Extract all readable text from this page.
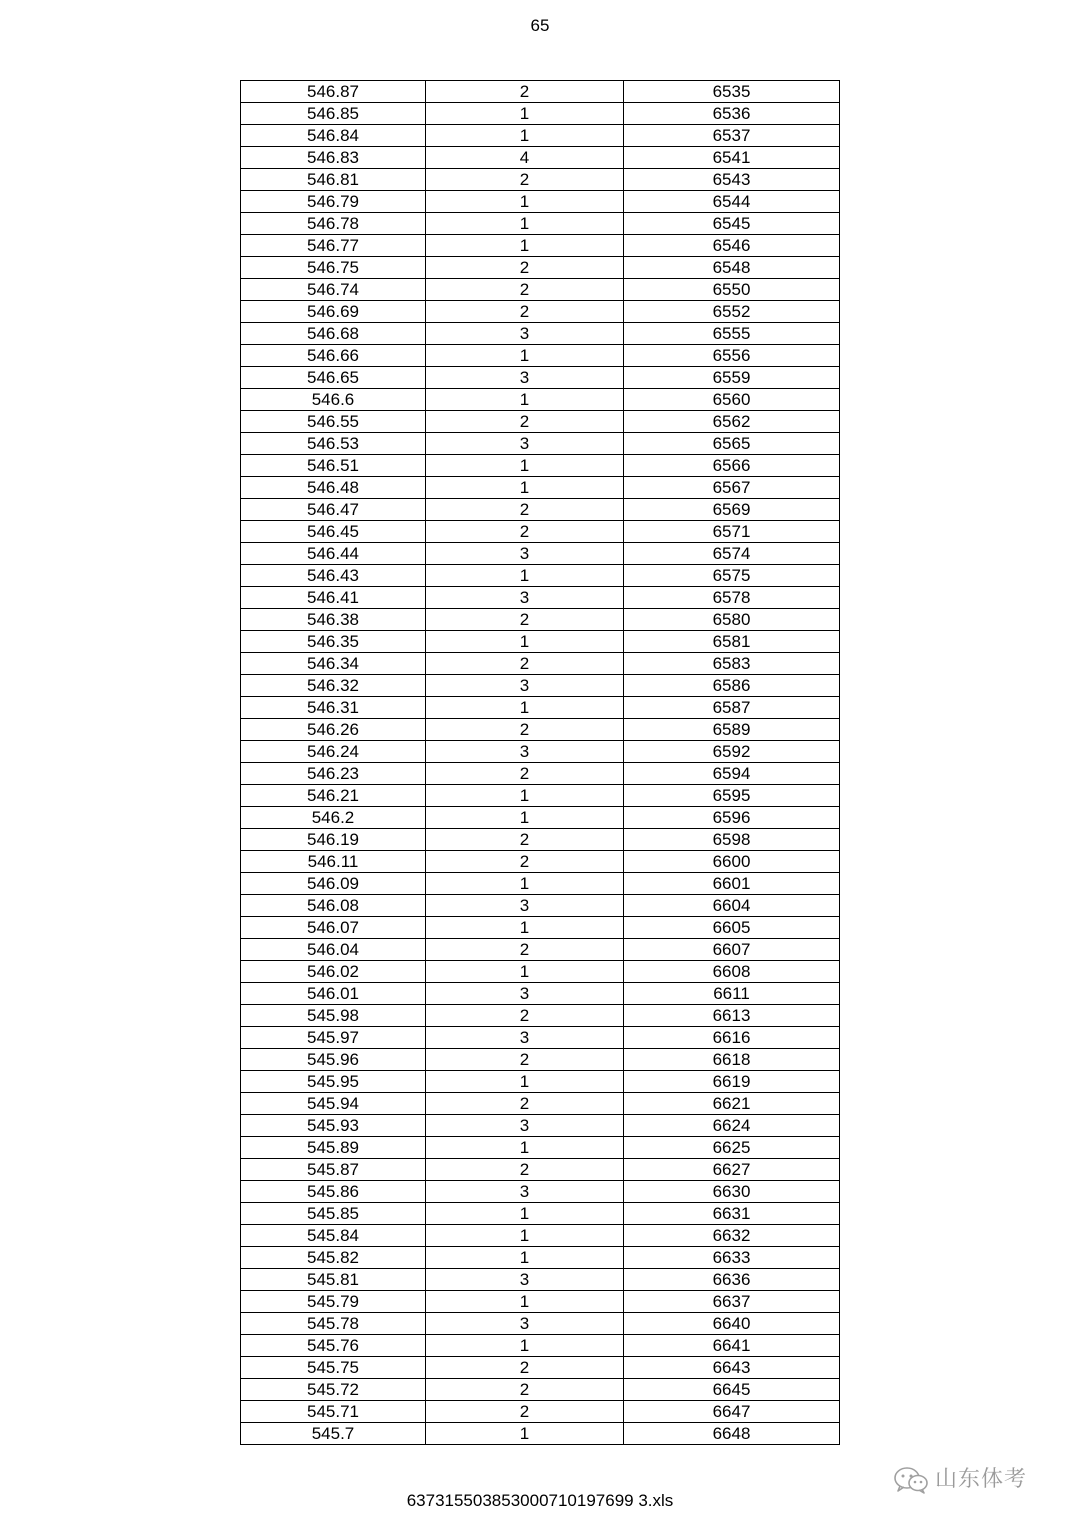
65
546.87	2	6535
546.85	1	6536
546.84	1	6537
546.83	4	6541
546.81	2	6543
546.79	1	6544
546.78	1	6545
546.77	1	6546
546.75	2	6548
546.74	2	6550
546.69	2	6552
546.68	3	6555
546.66	1	6556
546.65	3	6559
546.6	1	6560
546.55	2	6562
546.53	3	6565
546.51	1	6566
546.48	1	6567
546.47	2	6569
546.45	2	6571
546.44	3	6574
546.43	1	6575
546.41	3	6578
546.38	2	6580
546.35	1	6581
546.34	2	6583
546.32	3	6586
546.31	1	6587
546.26	2	6589
546.24	3	6592
546.23	2	6594
546.21	1	6595
546.2	1	6596
546.19	2	6598
546.11	2	6600
546.09	1	6601
546.08	3	6604
546.07	1	6605
546.04	2	6607
546.02	1	6608
546.01	3	6611
545.98	2	6613
545.97	3	6616
545.96	2	6618
545.95	1	6619
545.94	2	6621
545.93	3	6624
545.89	1	6625
545.87	2	6627
545.86	3	6630
545.85	1	6631
545.84	1	6632
545.82	1	6633
545.81	3	6636
545.79	1	6637
545.78	3	6640
545.76	1	6641
545.75	2	6643
545.72	2	6645
545.71	2	6647
545.7	1	6648
山东体考
637315503853000710197699 3.xls
